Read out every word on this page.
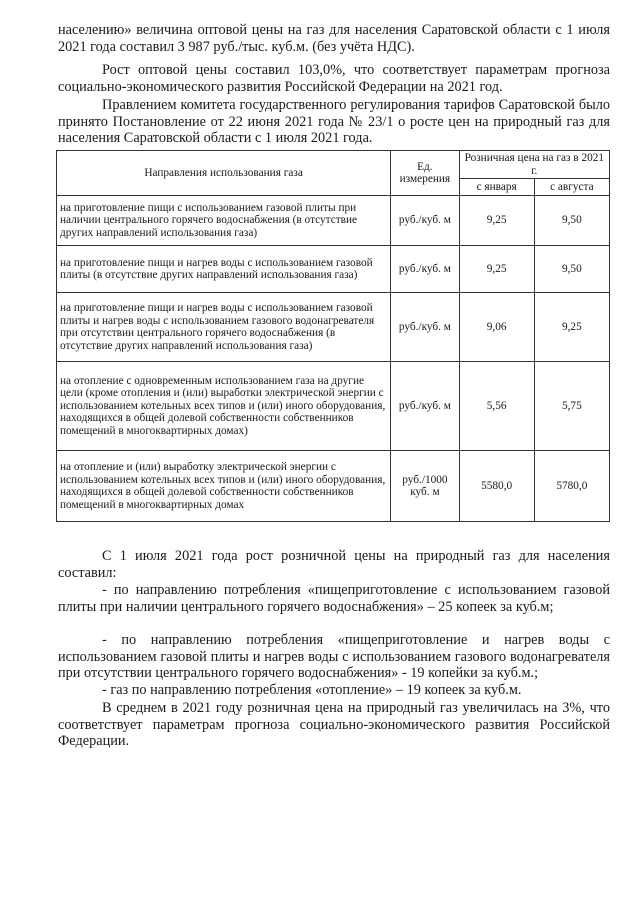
населению» величина оптовой цены на газ для населения Саратовской области с 1 июля 2021 года составил 3 987 руб./тыс. куб.м. (без учёта НДС).

Рост оптовой цены составил 103,0%, что соответствует параметрам прогноза социально-экономического развития Российской Федерации на 2021 год.

Правлением комитета государственного регулирования тарифов Саратовской было принято Постановление от 22 июня 2021 года № 23/1 о росте цен на природный газ для населения Саратовской области с 1 июля 2021 года.

Направления использования газа	Ед. измерения	Розничная цена на газ в 2021 г.	
		с января	с августа
на приготовление пищи с использованием газовой плиты при наличии центрального горячего водоснабжения (в отсутствие других направлений использования газа)	руб./куб. м	9,25	9,50
на приготовление пищи и нагрев воды с использованием газовой плиты (в отсутствие других направлений использования газа)	руб./куб. м	9,25	9,50
на приготовление пищи и нагрев воды с использованием газовой плиты и нагрев воды с использованием газового водонагревателя при отсутствии центрального горячего водоснабжения (в отсутствие других направлений использования газа)	руб./куб. м	9,06	9,25
на отопление с одновременным использованием газа на другие цели (кроме отопления и (или) выработки электрической энергии с использованием котельных всех типов и (или) иного оборудования, находящихся в общей долевой собственности собственников помещений в многоквартирных домах)	руб./куб. м	5,56	5,75
на отопление и (или) выработку электрической энергии с использованием котельных всех типов и (или) иного оборудования, находящихся в общей долевой собственности собственников помещений в многоквартирных домах	руб./1000 куб. м	5580,0	5780,0

С 1 июля 2021 года рост розничной цены на природный газ для населения составил:

- по направлению потребления «пищеприготовление с использованием газовой плиты при наличии центрального горячего водоснабжения» – 25 копеек за куб.м;

- по направлению потребления «пищеприготовление и нагрев воды с использованием газовой плиты и нагрев воды с использованием газового водонагревателя при отсутствии центрального горячего водоснабжения» - 19 копейки за куб.м.;

- газ по направлению потребления «отопление» – 19 копеек за куб.м.

В среднем в 2021 году розничная цена на природный газ увеличилась на 3%, что соответствует параметрам прогноза социально-экономического развития Российской Федерации.
